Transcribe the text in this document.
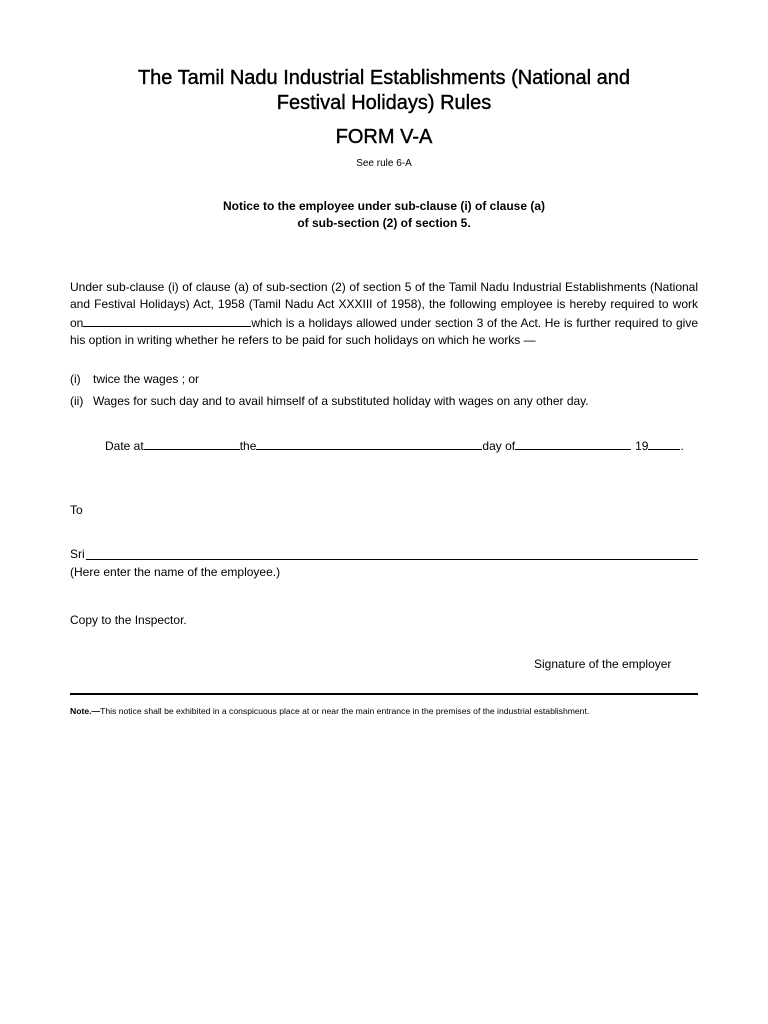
The Tamil Nadu Industrial Establishments (National and
Festival Holidays) Rules
FORM V-A
See rule 6-A
Notice to the employee under sub-clause (i) of clause (a)
of sub-section (2) of section 5.
Under sub-clause (i) of clause (a) of sub-section (2) of section 5 of the Tamil Nadu Industrial Establishments (National and Festival Holidays) Act, 1958 (Tamil Nadu Act XXXIII of 1958), the following employee is hereby required to work on	which is a holidays allowed under section 3 of the Act. He is further required to give his option in writing whether he refers to be paid for such holidays on which he works —
(i) twice the wages ; or
(ii) Wages for such day and to avail himself of a substituted holiday with wages on any other day.
Date at	the	day of	19	.
To
Sri
(Here enter the name of the employee.)
Copy to the Inspector.
Signature of the employer
Note.—This notice shall be exhibited in a conspicuous place at or near the main entrance in the premises of the industrial establishment.
